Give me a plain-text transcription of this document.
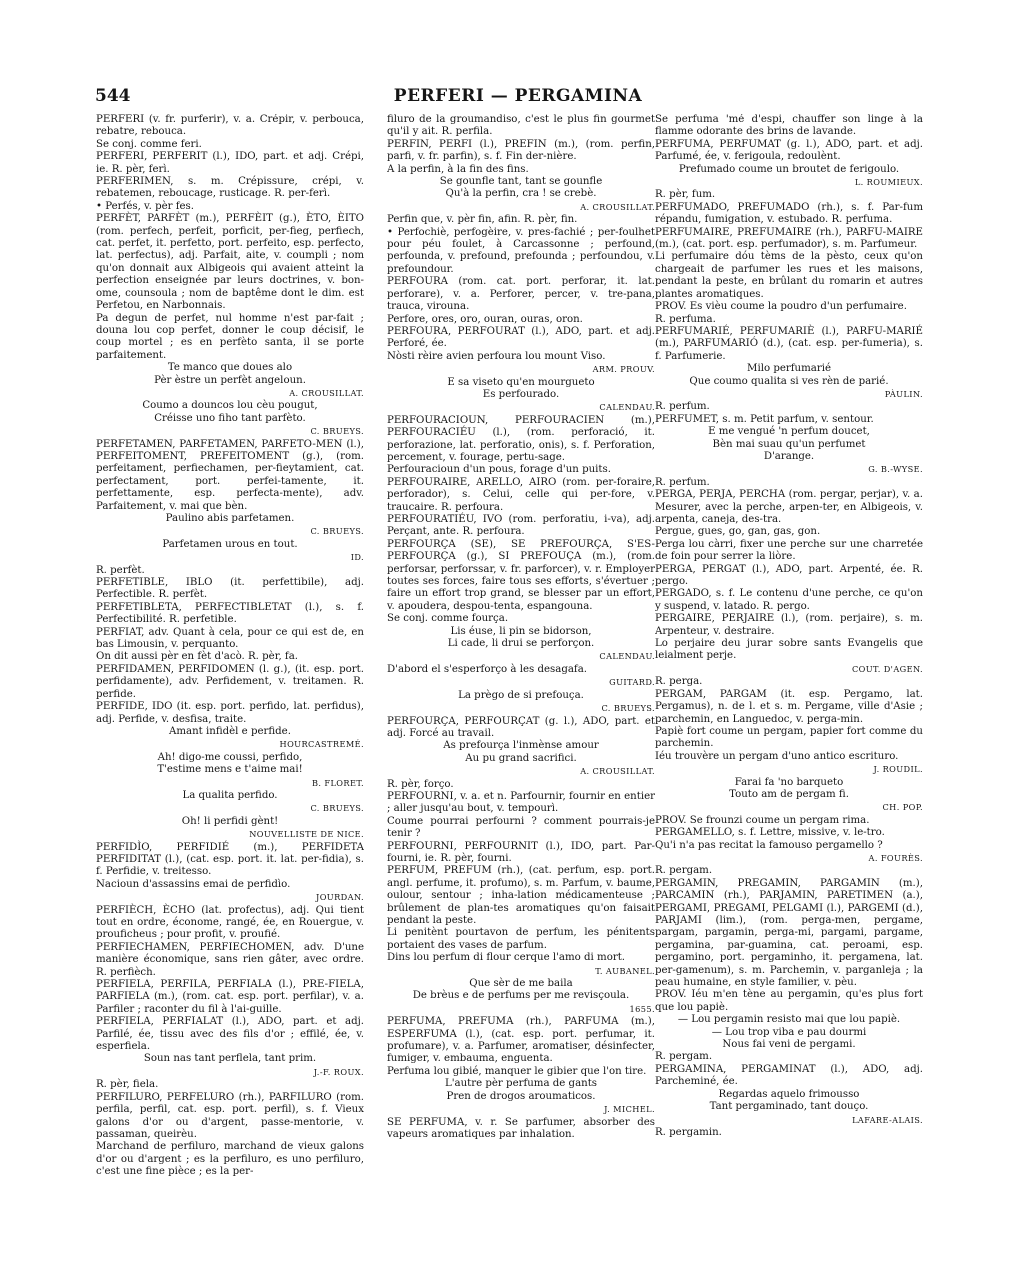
544	PERFERI — PERGAMINA

PERFERI (v. fr. purferir), v. a. Crépir, v. perbouca, rebatre, rebouca.

Se conj. comme feri.

PERFERI, PERFERIT (l.), IDO, part. et adj. Crépi, ie. R. pèr, ferì.

PERFERIMEN, s. m. Crépissure, crépi, v. rebatemen, reboucage, rusticage. R. per-ferì.

• Perfés, v. pèr fes.

PERFÈT, PARFÈT (m.), PERFÈIT (g.), ÈTO, ÈITO (rom. perfech, perfeit, porficit, per-fieg, perfiech, cat. perfet, it. perfetto, port. perfeito, esp. perfecto, lat. perfectus), adj. Parfait, aite, v. coumpli ; nom qu'on donnait aux Albigeois qui avaient atteint la perfection enseignée par leurs doctrines, v. bon-ome, counsoula ; nom de baptême dont le dim. est Perfetou, en Narbonnais.

Pa degun de perfet, nul homme n'est par-fait ; douna lou cop perfet, donner le coup décisif, le coup mortel ; es en perfèto santa, il se porte parfaitement.

Te manco que doues alo

Pèr èstre un perfèt angeloun.

A. CROUSILLAT.

Coumo a douncos lou cèu pougut,

Créisse uno fiho tant parfèto.

C. BRUEYS.

PERFETAMEN, PARFETAMEN, PARFETO-MEN (l.), PERFEITOMENT, PREFEITOMENT (g.), (rom. perfeitament, perfiechamen, per-fieytamient, cat. perfectament, port. perfei-tamente, it. perfettamente, esp. perfecta-mente), adv. Parfaitement, v. mai que bèn.

Paulino abis parfetamen.

C. BRUEYS.

Parfetamen urous en tout.

ID.

R. perfèt.

PERFETIBLE, IBLO (it. perfettibile), adj. Perfectible. R. perfèt.

PERFETIBLETA, PERFECTIBLETAT (l.), s. f. Perfectibilité. R. perfetible.

PERFIAT, adv. Quant à cela, pour ce qui est de, en bas Limousin, v. perquanto.

On dit aussi pèr en fèt d'acò. R. pèr, fa.

PERFIDAMEN, PERFIDOMEN (l. g.), (it. esp. port. perfidamente), adv. Perfidement, v. treitamen. R. perfide.

PERFIDE, IDO (it. esp. port. perfido, lat. perfidus), adj. Perfide, v. desfisa, traite.

Amant infidèl e perfide.

HOURCASTREMÉ.

Ah! digo-me coussi, perfido,

T'estime mens e t'aime mai!

B. FLORET.

La qualita perfido.

C. BRUEYS.

Oh! li perfidi gènt!

NOUVELLISTE DE NICE.

PERFIDÌO, PERFIDIÉ (m.), PERFIDETA PERFIDITAT (l.), (cat. esp. port. it. lat. per-fidia), s. f. Perfidie, v. treitesso.

Nacioun d'assassins emai de perfidìo.

JOURDAN.

PERFIÈCH, ÈCHO (lat. profectus), adj. Qui tient tout en ordre, économe, rangé, ée, en Rouergue, v. prouficheus ; pour profit, v. proufié.

PERFIECHAMEN, PERFIECHOMEN, adv. D'une manière économique, sans rien gâter, avec ordre. R. perfièch.

PERFIELA, PERFILA, PERFIALA (l.), PRE-FIELA, PARFIELA (m.), (rom. cat. esp. port. perfilar), v. a. Parfiler ; raconter du fil à l'ai-guille.

PERFIELA, PERFIALAT (l.), ADO, part. et adj. Parfilé, ée, tissu avec des fils d'or ; effilé, ée, v. esperfiela.

Soun nas tant perflela, tant prim.

J.-F. ROUX.

R. pèr, fiela.

PERFILURO, PERFELURO (rh.), PARFILURO (rom. perfila, perfil, cat. esp. port. perfil), s. f. Vieux galons d'or ou d'argent, passe-mentorie, v. passaman, queirèu.

Marchand de perfiluro, marchand de vieux galons d'or ou d'argent ; es la perfiluro, es uno perfiluro, c'est une fine pièce ; es la per-

filuro de la groumandiso, c'est le plus fin gourmet qu'il y ait. R. perfila.

PERFIN, PERFI (l.), PREFIN (m.), (rom. perfin, parfi, v. fr. parfin), s. f. Fin der-nière.

A la perfin, à la fin des fins.

Se gounfle tant, tant se gounfle

Qu'à la perfin, cra ! se crebè.

A. CROUSILLAT.

Perfin que, v. pèr fin, afin. R. pèr, fin.

• Perfochiè, perfogèire, v. pres-fachié ; per-foulhet pour péu foulet, à Carcassonne ; perfound, perfounda, v. prefound, prefounda ; perfoundou, v. prefoundour.

PERFOURA (rom. cat. port. perforar, it. lat. perforare), v. a. Perforer, percer, v. tre-pana, trauca, virouna.

Perfore, ores, oro, ouran, ouras, oron.

PERFOURA, PERFOURAT (l.), ADO, part. et adj. Perforé, ée.

Nòsti rèire avien perfoura lou mount Viso.

ARM. PROUV.

E sa viseto qu'en mourgueto

Es perfourado.

CALENDAU.

PERFOURACIOUN, PERFOURACIEN (m.), PERFOURACIÉU (l.), (rom. perforació, it. perforazione, lat. perforatio, onis), s. f. Perforation, percement, v. fourage, pertu-sage.

Perfouracioun d'un pous, forage d'un puits.

PERFOURAIRE, ARELLO, AIRO (rom. per-foraire, perforador), s. Celui, celle qui per-fore, v. traucaire. R. perfoura.

PERFOURATIÉU, IVO (rom. perforatiu, i-va), adj. Perçant, ante. R. perfoura.

PERFOURÇA (SE), SE PREFOURÇA, S'ES-PERFOURÇA (g.), SI PREFOUÇA (m.), (rom. perforsar, perforssar, v. fr. parforcer), v. r. Employer toutes ses forces, faire tous ses efforts, s'évertuer ; faire un effort trop grand, se blesser par un effort, v. apoudera, despou-tenta, espangouna.

Se conj. comme fourça.

Lis éuse, li pin se bidorson,

Li cade, li drui se perforçon.

CALENDAU.

D'abord el s'esperforço à les desagafa.

GUITARD.

La prègo de si prefouça.

C. BRUEYS.

PERFOURÇA, PERFOURÇAT (g. l.), ADO, part. et adj. Forcé au travail.

As prefourça l'inmènse amour

Au pu grand sacrifici.

A. CROUSILLAT.

R. pèr, forço.

PERFOURNI, v. a. et n. Parfournir, fournir en entier ; aller jusqu'au bout, v. tempourì.

Coume pourrai perfourni ? comment pourrais-je tenir ?

PERFOURNI, PERFOURNIT (l.), IDO, part. Par-fourni, ie. R. pèr, fourni.

PERFUM, PREFUM (rh.), (cat. perfum, esp. port. angl. perfume, it. profumo), s. m. Parfum, v. baume, oulour, sentour ; inha-lation médicamenteuse ; brûlement de plan-tes aromatiques qu'on faisait pendant la peste.

Li penitènt pourtavon de perfum, les pénitents portaient des vases de parfum.

Dins lou perfum di flour cerque l'amo di mort.

T. AUBANEL.

Que sèr de me baila

De brèus e de perfums per me revisçoula.

1655.

PERFUMA, PREFUMA (rh.), PARFUMA (m.), ESPERFUMA (l.), (cat. esp. port. perfumar, it. profumare), v. a. Parfumer, aromatiser, désinfecter, fumiger, v. embauma, enguenta.

Perfuma lou gibié, manquer le gibier que l'on tire.

L'autre pèr perfuma de gants

Pren de drogos aroumaticos.

J. MICHEL.

SE PERFUMA, v. r. Se parfumer, absorber des vapeurs aromatiques par inhalation.

Se perfuma 'mé d'espi, chauffer son linge à la flamme odorante des brins de lavande.

PERFUMA, PERFUMAT (g. l.), ADO, part. et adj. Parfumé, ée, v. ferigoula, redoulènt.

Prefumado coume un broutet de ferigoulo.

L. ROUMIEUX.

R. pèr, fum.

PERFUMADO, PREFUMADO (rh.), s. f. Par-fum répandu, fumigation, v. estubado. R. perfuma.

PERFUMAIRE, PREFUMAIRE (rh.), PARFU-MAIRE (m.), (cat. port. esp. perfumador), s. m. Parfumeur.

Li perfumaire dóu tèms de la pèsto, ceux qu'on chargeait de parfumer les rues et les maisons, pendant la peste, en brûlant du romarin et autres plantes aromatiques.

PROV. Es vièu coume la poudro d'un perfumaire.

R. perfuma.

PERFUMARIÉ, PERFUMARIÈ (l.), PARFU-MARIÉ (m.), PARFUMARIÓ (d.), (cat. esp. per-fumeria), s. f. Parfumerie.

Milo perfumarié

Que coumo qualita si ves rèn de parié.

PÀULIN.

R. perfum.

PERFUMET, s. m. Petit parfum, v. sentour.

E me vengué 'n perfum doucet,

Bèn mai suau qu'un perfumet

D'arange.

G. B.-WYSE.

R. perfum.

PERGA, PERJA, PERCHA (rom. pergar, perjar), v. a. Mesurer, avec la perche, arpen-ter, en Albigeois, v. arpenta, caneja, des-tra.

Pergue, gues, go, gan, gas, gon.

Perga lou càrri, fixer une perche sur une charretée de foin pour serrer la liòre.

PERGA, PERGAT (l.), ADO, part. Arpenté, ée. R. pergo.

PERGADO, s. f. Le contenu d'une perche, ce qu'on y suspend, v. latado. R. pergo.

PERGAIRE, PERJAIRE (l.), (rom. perjaire), s. m. Arpenteur, v. destraire.

Lo perjaire deu jurar sobre sants Evangelis que leialment perje.

COUT. D'AGEN.

R. perga.

PERGAM, PARGAM (it. esp. Pergamo, lat. Pergamus), n. de l. et s. m. Pergame, ville d'Asie ; parchemin, en Languedoc, v. perga-min.

Papiè fort coume un pergam, papier fort comme du parchemin.

Iéu trouvère un pergam d'uno antico escrituro.

J. ROUDIL.

Farai fa 'no barqueto

Touto am de pergam fi.

CH. POP.

PROV. Se frounzi coume un pergam rima.

PERGAMELLO, s. f. Lettre, missive, v. le-tro.

Qu'i n'a pas recitat la famouso pergamello ?

A. FOURÈS.

R. pergam.

PERGAMIN, PREGAMIN, PARGAMIN (m.), PARCAMIN (rh.), PARJAMIN, PARETIMEN (a.), PERGAMI, PREGAMI, PELGAMI (l.), PARGEMI (d.), PARJAMI (lim.), (rom. perga-men, pergame, pargam, pargamin, perga-mi, pargami, pargame, pergamina, par-guamina, cat. peroami, esp. pergamino, port. pergaminho, it. pergamena, lat. per-gamenum), s. m. Parchemin, v. parganleja ; la peau humaine, en style familier, v. pèu.

PROV. Iéu m'en tène au pergamin, qu'es plus fort que lou papiè.

— Lou pergamin resisto mai que lou papiè.

— Lou trop viba e pau dourmi

Nous fai veni de pergami.

R. pergam.

PERGAMINA, PERGAMINAT (l.), ADO, adj. Parcheminé, ée.

Regardas aquelo frimousso

Tant pergaminado, tant douço.

LAFARE-ALAIS.

R. pergamin.
